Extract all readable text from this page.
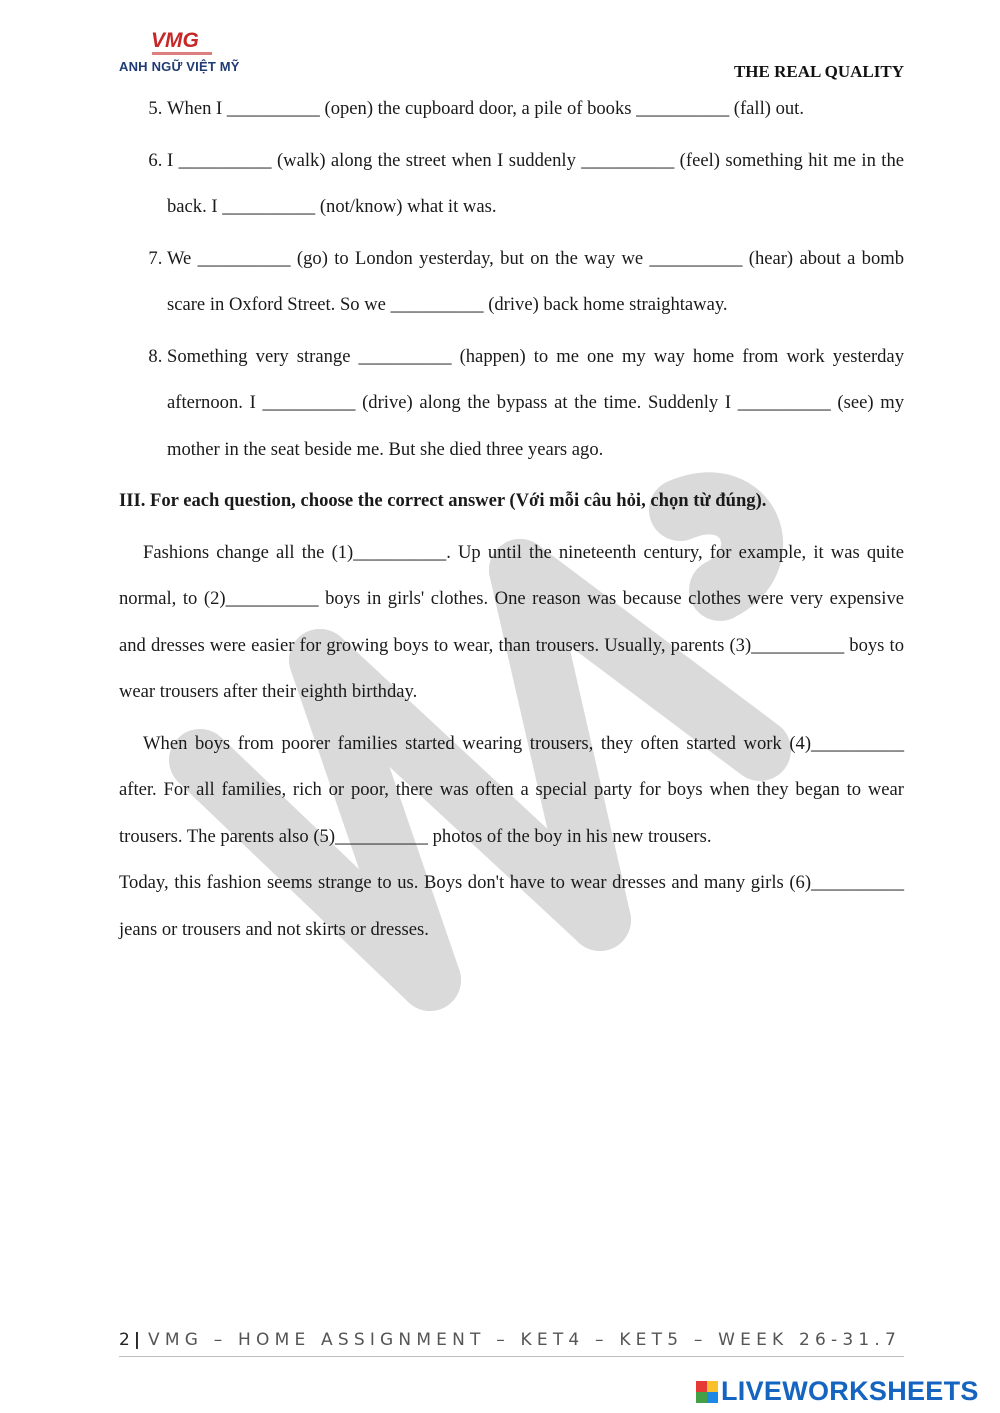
VMG
ANH NGỮ VIỆT MỸ	THE REAL QUALITY
5. When I __________ (open) the cupboard door, a pile of books __________ (fall) out.
6. I __________ (walk) along the street when I suddenly __________ (feel) something hit me in the back. I __________ (not/know) what it was.
7. We __________ (go) to London yesterday, but on the way we __________ (hear) about a bomb scare in Oxford Street. So we __________ (drive) back home straightaway.
8. Something very strange __________ (happen) to me one my way home from work yesterday afternoon. I __________ (drive) along the bypass at the time. Suddenly I __________ (see) my mother in the seat beside me. But she died three years ago.
III. For each question, choose the correct answer (Với mỗi câu hỏi, chọn từ đúng).

Fashions change all the (1)__________. Up until the nineteenth century, for example, it was quite normal, to (2)__________ boys in girls' clothes. One reason was because clothes were very expensive and dresses were easier for growing boys to wear, than trousers. Usually, parents (3)__________ boys to wear trousers after their eighth birthday.

When boys from poorer families started wearing trousers, they often started work (4)__________ after. For all families, rich or poor, there was often a special party for boys when they began to wear trousers. The parents also (5)__________ photos of the boy in his new trousers.

Today, this fashion seems strange to us. Boys don't have to wear dresses and many girls (6)__________ jeans or trousers and not skirts or dresses.

2 | VMG – HOME ASSIGNMENT – KET4 – KET5 – WEEK 26-31.7
LIVEWORKSHEETS
